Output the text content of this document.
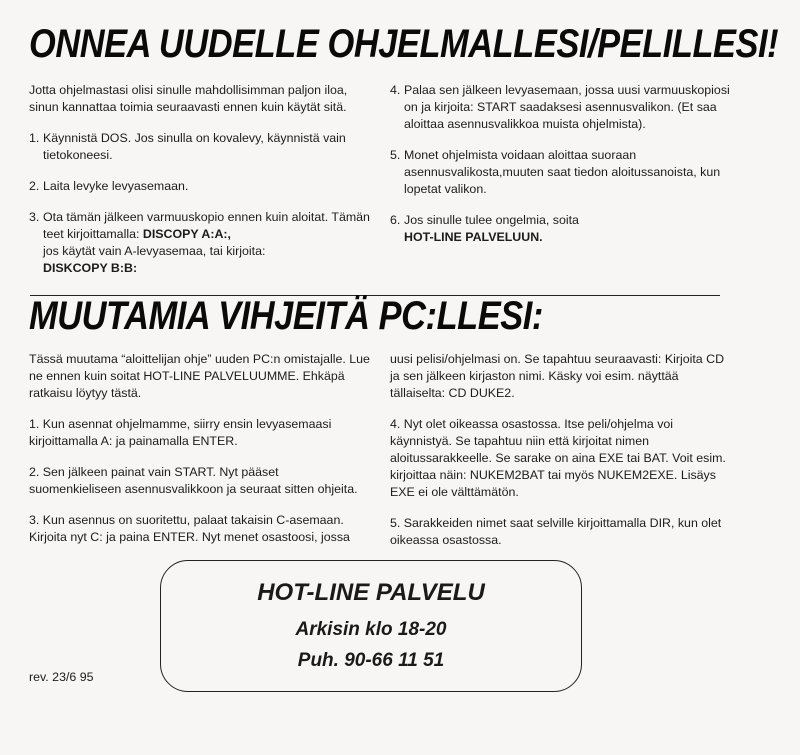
ONNEA UUDELLE OHJELMALLESI/PELILLESI!

Jotta ohjelmastasi olisi sinulle mahdollisimman paljon iloa, sinun kannattaa toimia seuraavasti ennen kuin käytät sitä.

1. Käynnistä DOS. Jos sinulla on kovalevy, käynnistä vain tietokoneesi.
2. Laita levyke levyasemaan.
3. Ota tämän jälkeen varmuuskopio ennen kuin aloitat. Tämän teet kirjoittamalla: DISCOPY A:A:,
jos käytät vain A-levyasemaa, tai kirjoita:
DISKCOPY B:B:
4. Palaa sen jälkeen levyasemaan, jossa uusi varmuuskopiosi on ja kirjoita: START saadaksesi asennusvalikon. (Et saa aloittaa asennusvalikkoa muista ohjelmista).
5. Monet ohjelmista voidaan aloittaa suoraan asennusvalikosta,muuten saat tiedon aloitussanoista, kun lopetat valikon.
6. Jos sinulle tulee ongelmia, soita
HOT-LINE PALVELUUN.
MUUTAMIA VIHJEITÄ PC:LLESI:

Tässä muutama “aloittelijan ohje” uuden PC:n omistajalle. Lue ne ennen kuin soitat HOT-LINE PALVELUUMME. Ehkäpä ratkaisu löytyy tästä.

1. Kun asennat ohjelmamme, siirry ensin levyasemaasi kirjoittamalla A: ja painamalla ENTER.

2. Sen jälkeen painat vain START. Nyt pääset suomenkieliseen asennusvalikkoon ja seuraat sitten ohjeita.

3. Kun asennus on suoritettu, palaat takaisin C-asemaan. Kirjoita nyt C: ja paina ENTER. Nyt menet osastoosi, jossa

uusi pelisi/ohjelmasi on. Se tapahtuu seuraavasti: Kirjoita CD ja sen jälkeen kirjaston nimi. Käsky voi esim. näyttää tällaiselta: CD DUKE2.

4. Nyt olet oikeassa osastossa. Itse peli/ohjelma voi käynnistyä. Se tapahtuu niin että kirjoitat nimen aloitussarakkeelle. Se sarake on aina EXE tai BAT. Voit esim. kirjoittaa näin: NUKEM2BAT tai myös NUKEM2EXE. Lisäys EXE ei ole välttämätön.

5. Sarakkeiden nimet saat selville kirjoittamalla DIR, kun olet oikeassa osastossa.

HOT-LINE PALVELU
Arkisin klo 18-20
Puh. 90-66 11 51
rev. 23/6 95
